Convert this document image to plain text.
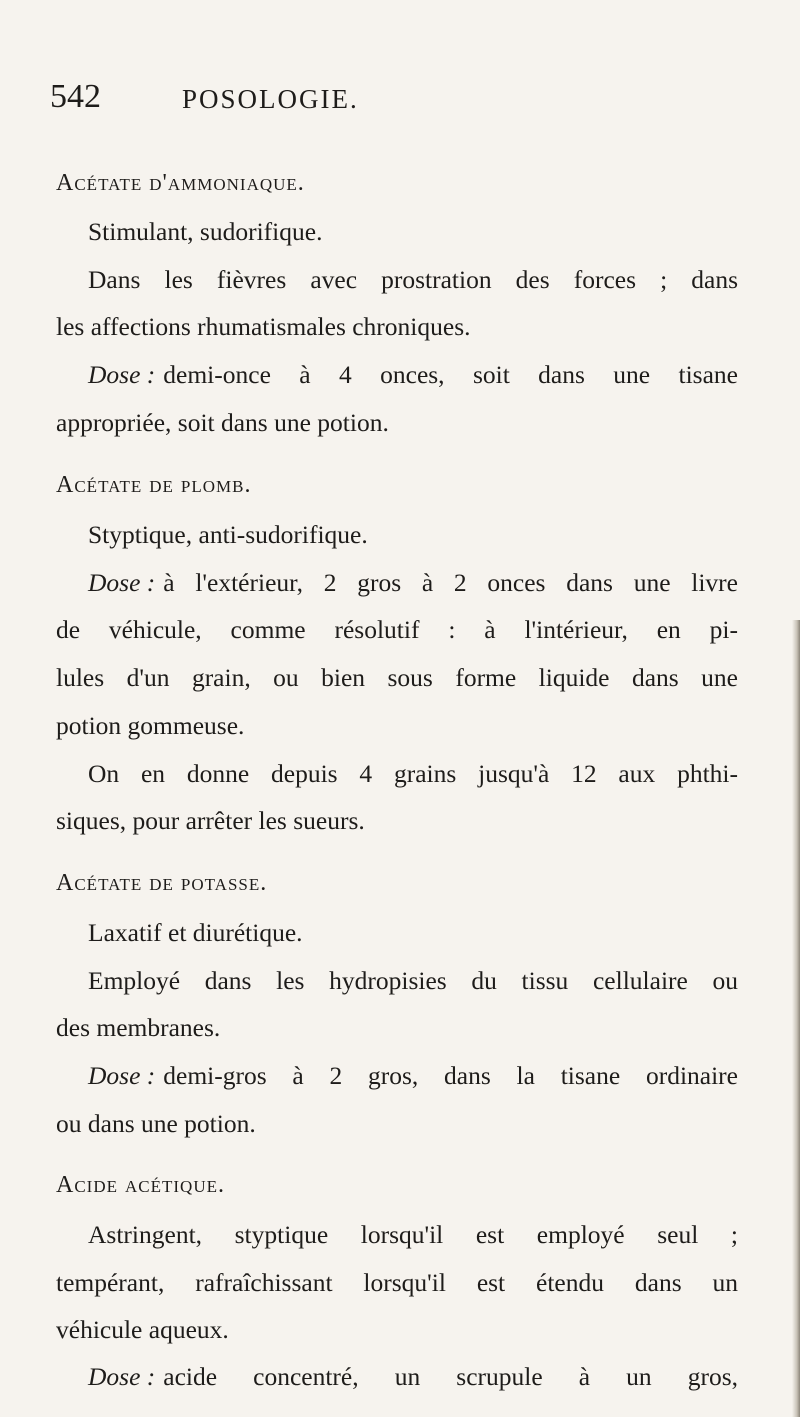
542	POSOLOGIE.
Acétate d'ammoniaque.
Stimulant, sudorifique.
Dans les fièvres avec prostration des forces ; dans
les affections rhumatismales chroniques.
Dose : demi-once à 4 onces, soit dans une tisane
appropriée, soit dans une potion.
Acétate de plomb.
Styptique, anti-sudorifique.
Dose : à l'extérieur, 2 gros à 2 onces dans une livre
de véhicule, comme résolutif : à l'intérieur, en pi-
lules d'un grain, ou bien sous forme liquide dans une
potion gommeuse.
On en donne depuis 4 grains jusqu'à 12 aux phthi-
siques, pour arrêter les sueurs.
Acétate de potasse.
Laxatif et diurétique.
Employé dans les hydropisies du tissu cellulaire ou
des membranes.
Dose : demi-gros à 2 gros, dans la tisane ordinaire
ou dans une potion.
Acide acétique.
Astringent, styptique lorsqu'il est employé seul ;
tempérant, rafraîchissant lorsqu'il est étendu dans un
véhicule aqueux.
Dose : acide concentré, un scrupule à un gros,
